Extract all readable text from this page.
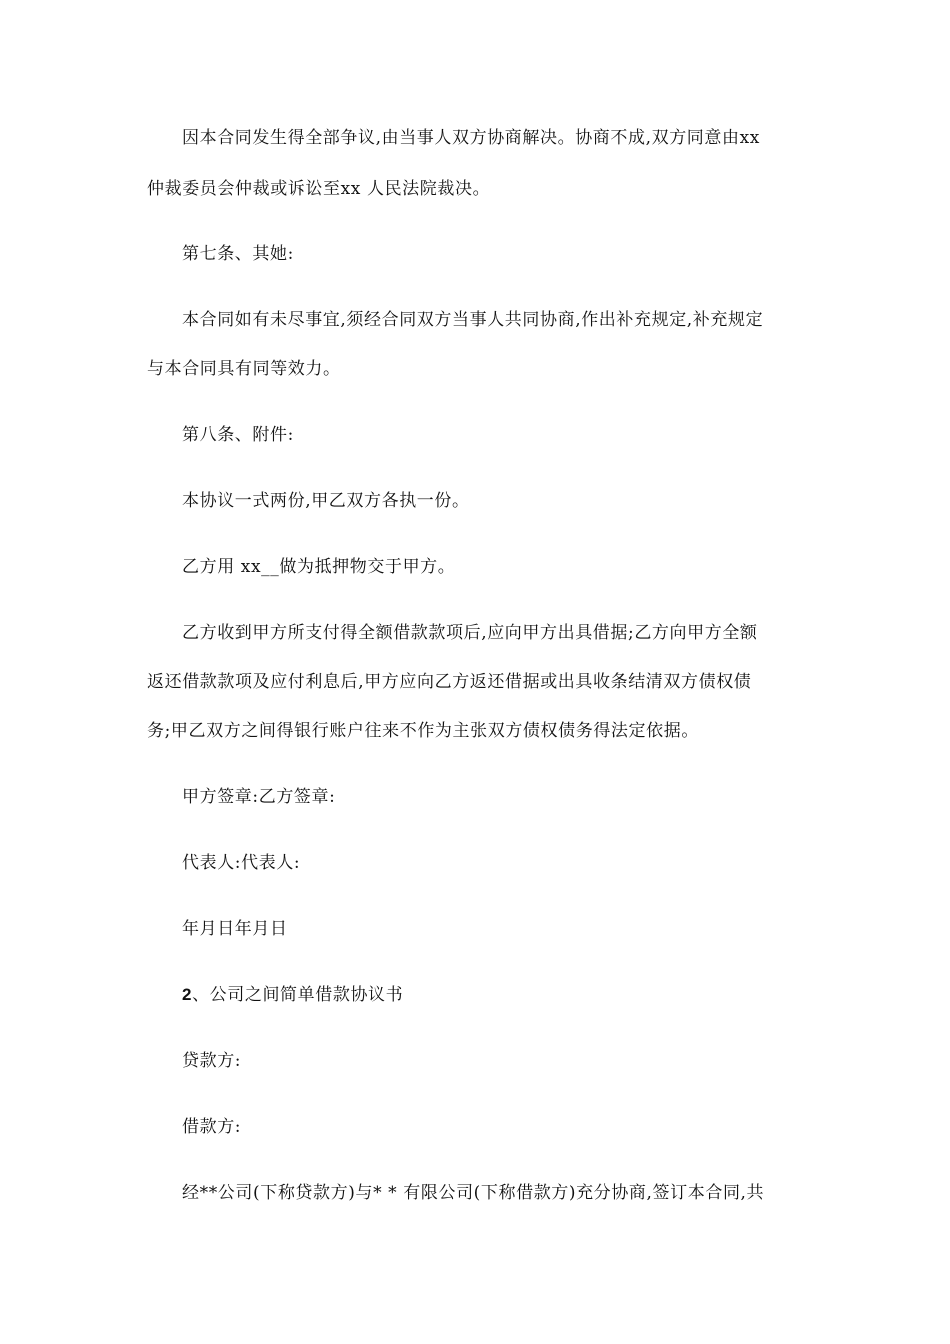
因本合同发生得全部争议,由当事人双方协商解决。协商不成,双方同意由xx
仲裁委员会仲裁或诉讼至xx 人民法院裁决。
第七条、其她:
本合同如有未尽事宜,须经合同双方当事人共同协商,作出补充规定,补充规定
与本合同具有同等效力。
第八条、附件:
本协议一式两份,甲乙双方各执一份。
乙方用 xx__做为抵押物交于甲方。
乙方收到甲方所支付得全额借款款项后,应向甲方出具借据;乙方向甲方全额
返还借款款项及应付利息后,甲方应向乙方返还借据或出具收条结清双方债权债
务;甲乙双方之间得银行账户往来不作为主张双方债权债务得法定依据。
甲方签章:乙方签章:
代表人:代表人:
年月日年月日
2、公司之间简单借款协议书
贷款方:
借款方:
经**公司(下称贷款方)与* * 有限公司(下称借款方)充分协商,签订本合同,共
